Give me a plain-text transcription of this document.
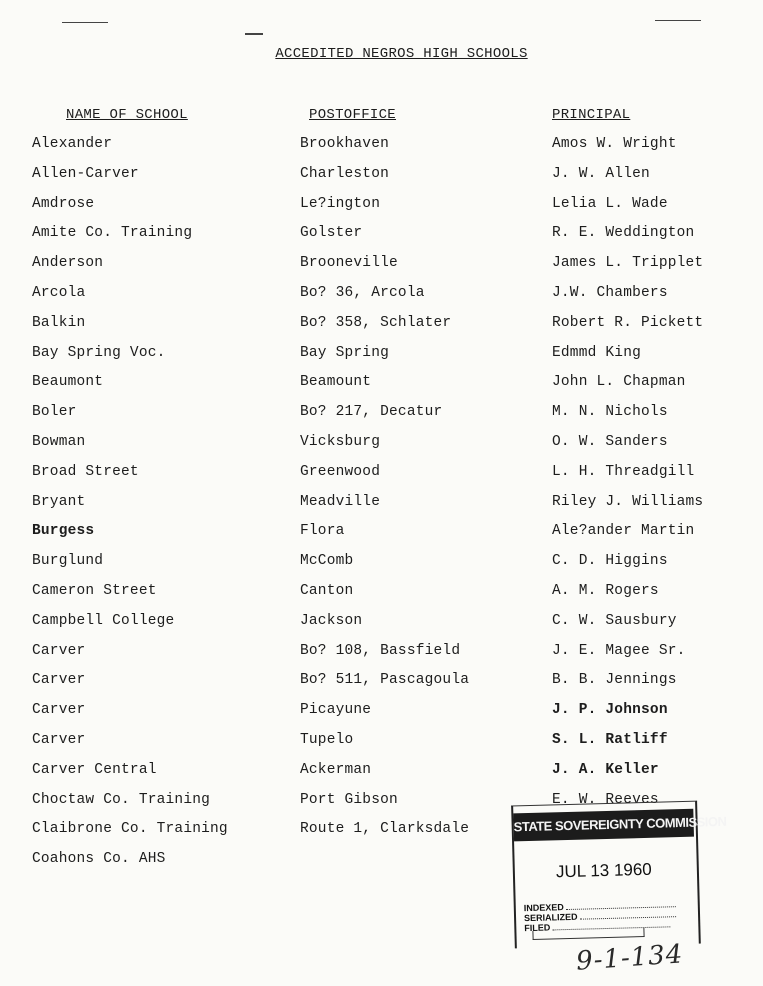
ACCEDITED NEGROS HIGH SCHOOLS
NAME OF SCHOOL	POSTOFFICE	PRINCIPAL
Alexander	Brookhaven	Amos W. Wright
Allen-Carver	Charleston	J. W. Allen
Amdrose	Le?ington	Lelia L. Wade
Amite Co. Training	Golster	R. E. Weddington
Anderson	Brooneville	James L. Tripplet
Arcola	Bo? 36, Arcola	J.W. Chambers
Balkin	Bo? 358, Schlater	Robert R. Pickett
Bay Spring Voc.	Bay Spring	Edmmd King
Beaumont	Beamount	John L. Chapman
Boler	Bo? 217, Decatur	M. N. Nichols
Bowman	Vicksburg	O. W. Sanders
Broad Street	Greenwood	L. H. Threadgill
Bryant	Meadville	Riley J. Williams
Burgess	Flora	Ale?ander Martin
Burglund	McComb	C. D. Higgins
Cameron Street	Canton	A. M. Rogers
Campbell College	Jackson	C. W. Sausbury
Carver	Bo? 108, Bassfield	J. E. Magee Sr.
Carver	Bo? 511, Pascagoula	B. B. Jennings
Carver	Picayune	J. P. Johnson
Carver	Tupelo	S. L. Ratliff
Carver Central	Ackerman	J. A. Keller
Choctaw Co. Training	Port Gibson	E. W. Reeves
Claibrone Co. Training	Route 1, Clarksdale
Coahons Co. AHS
STATE SOVEREIGNTY COMMISSION
JUL 13 1960
INDEXED
SERIALIZED
FILED
9-1-134
